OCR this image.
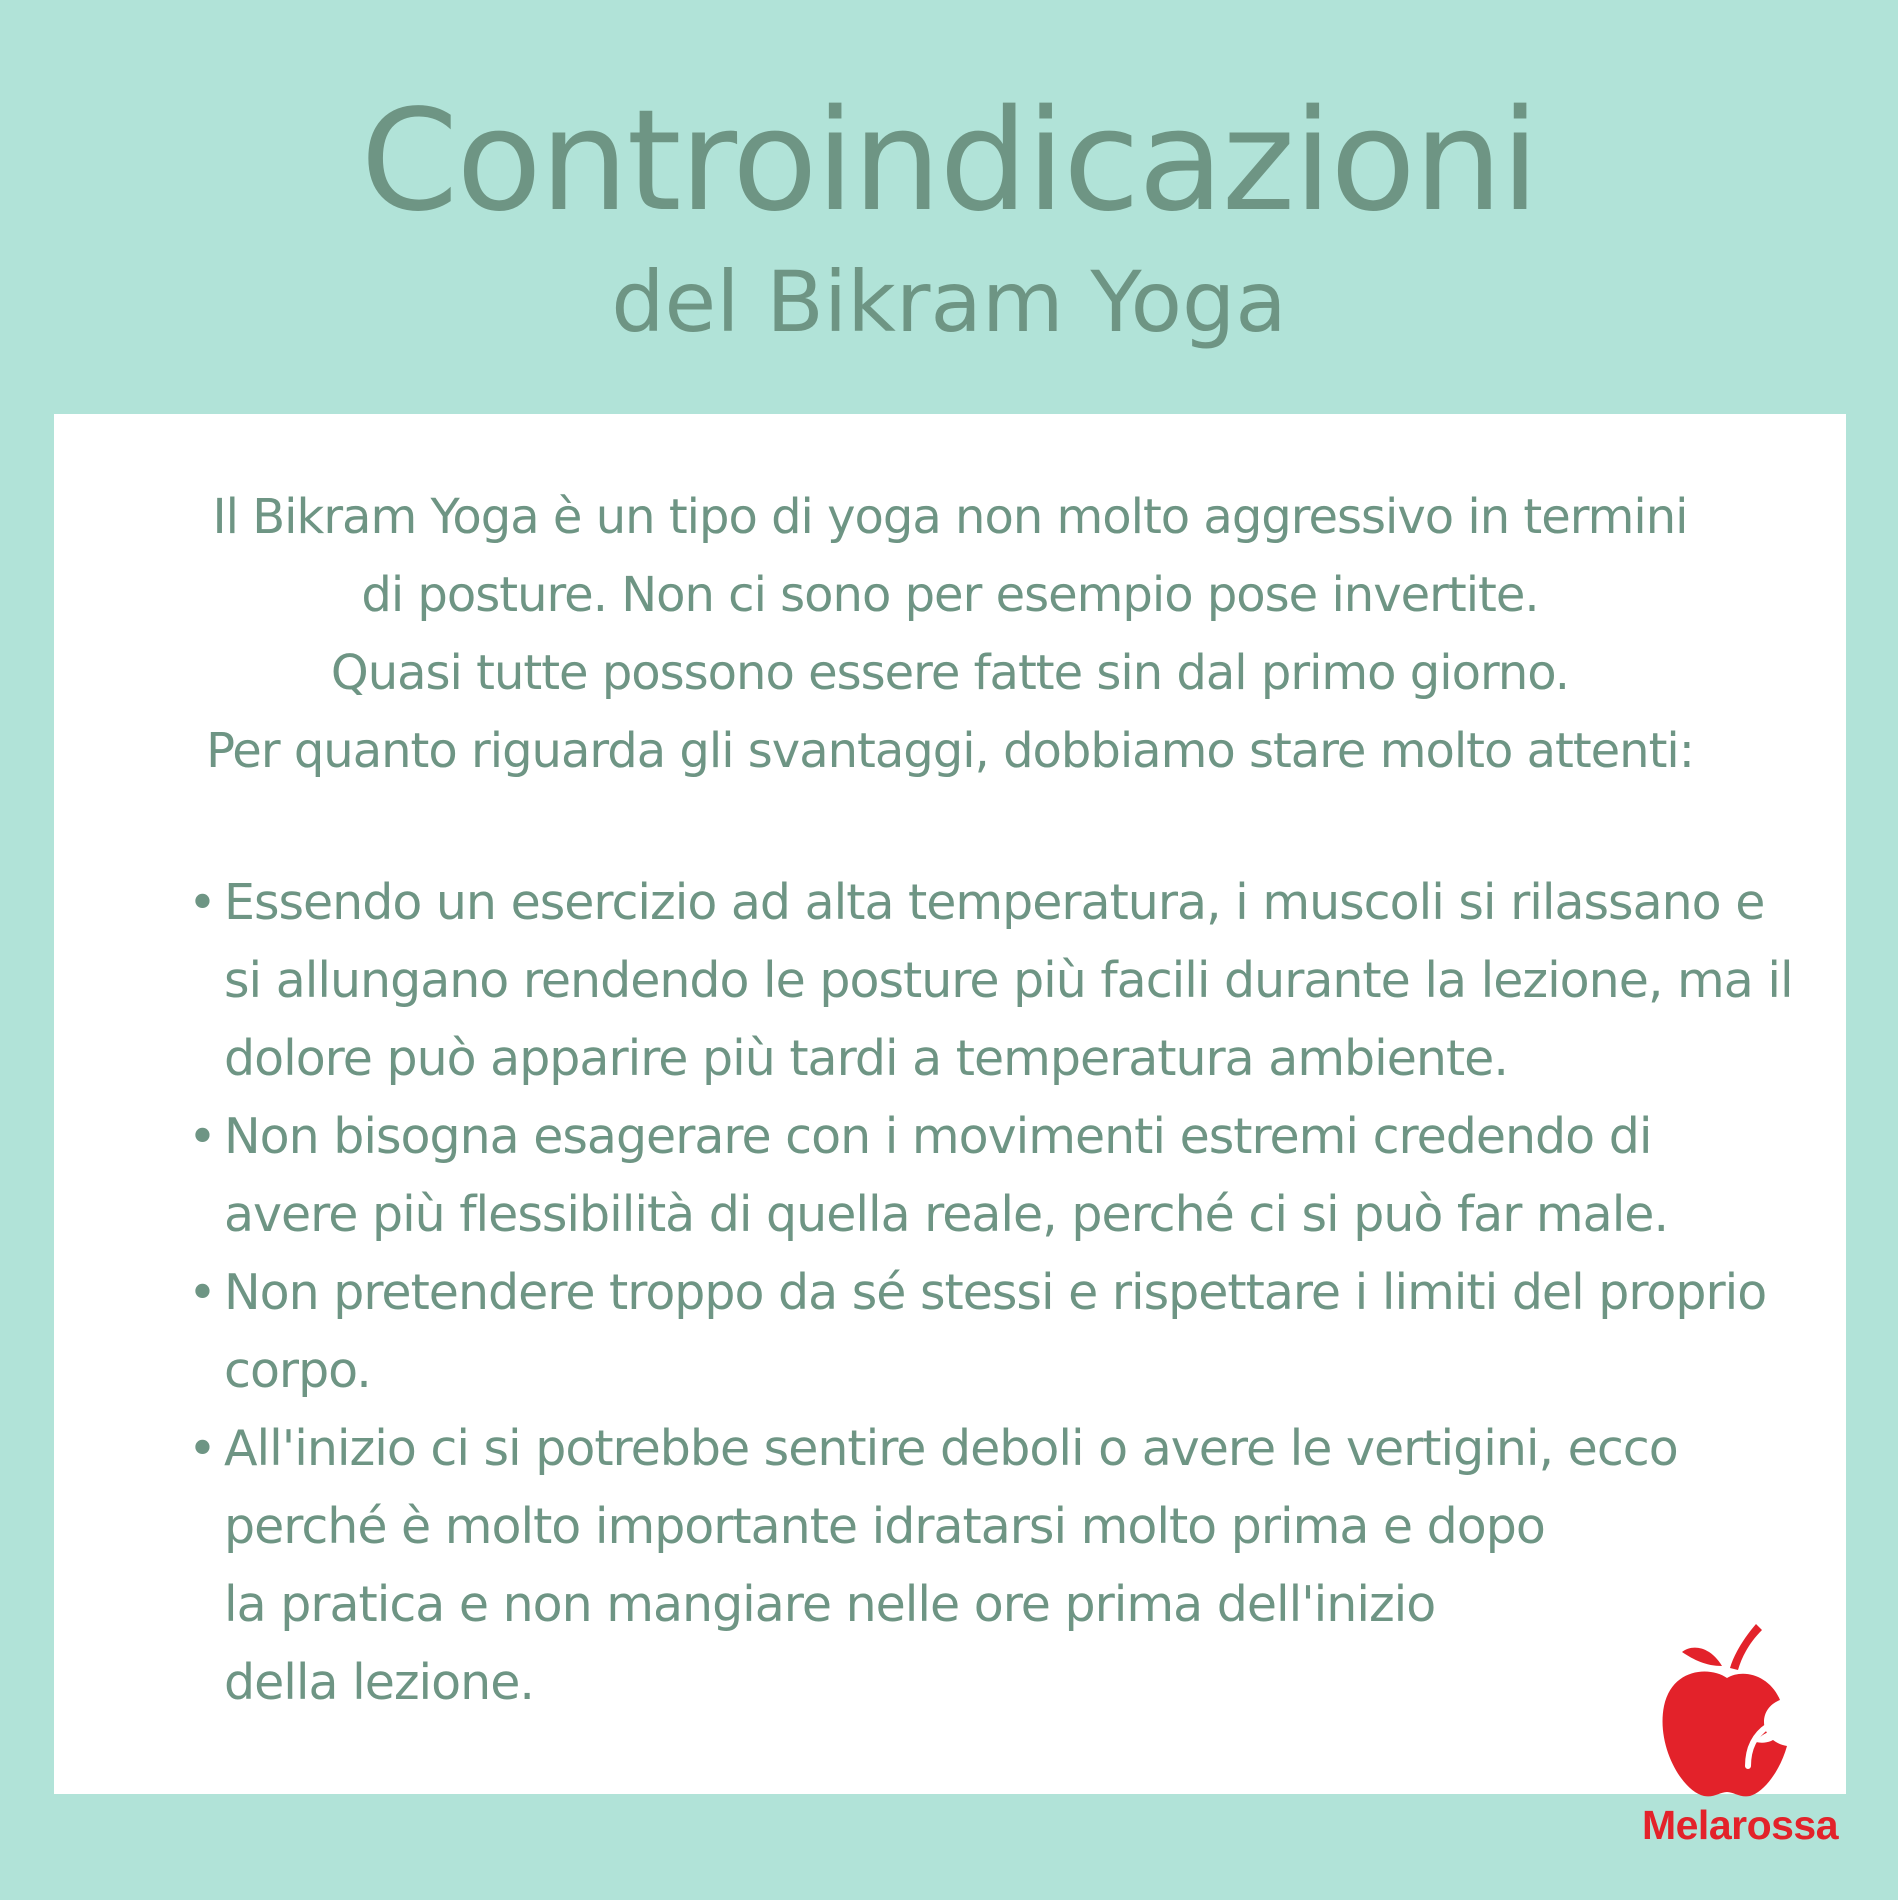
Controindicazioni
del Bikram Yoga
Il Bikram Yoga è un tipo di yoga non molto aggressivo in termini
di posture. Non ci sono per esempio pose invertite.
Quasi tutte possono essere fatte sin dal primo giorno.
Per quanto riguarda gli svantaggi, dobbiamo stare molto attenti:
• Essendo un esercizio ad alta temperatura, i muscoli si rilassano e
si allungano rendendo le posture più facili durante la lezione, ma il
dolore può apparire più tardi a temperatura ambiente.
• Non bisogna esagerare con i movimenti estremi credendo di
avere più flessibilità di quella reale, perché ci si può far male.
• Non pretendere troppo da sé stessi e rispettare i limiti del proprio
corpo.
• All'inizio ci si potrebbe sentire deboli o avere le vertigini, ecco
perché è molto importante idratarsi molto prima e dopo
la pratica e non mangiare nelle ore prima dell'inizio
della lezione.
Melarossa
